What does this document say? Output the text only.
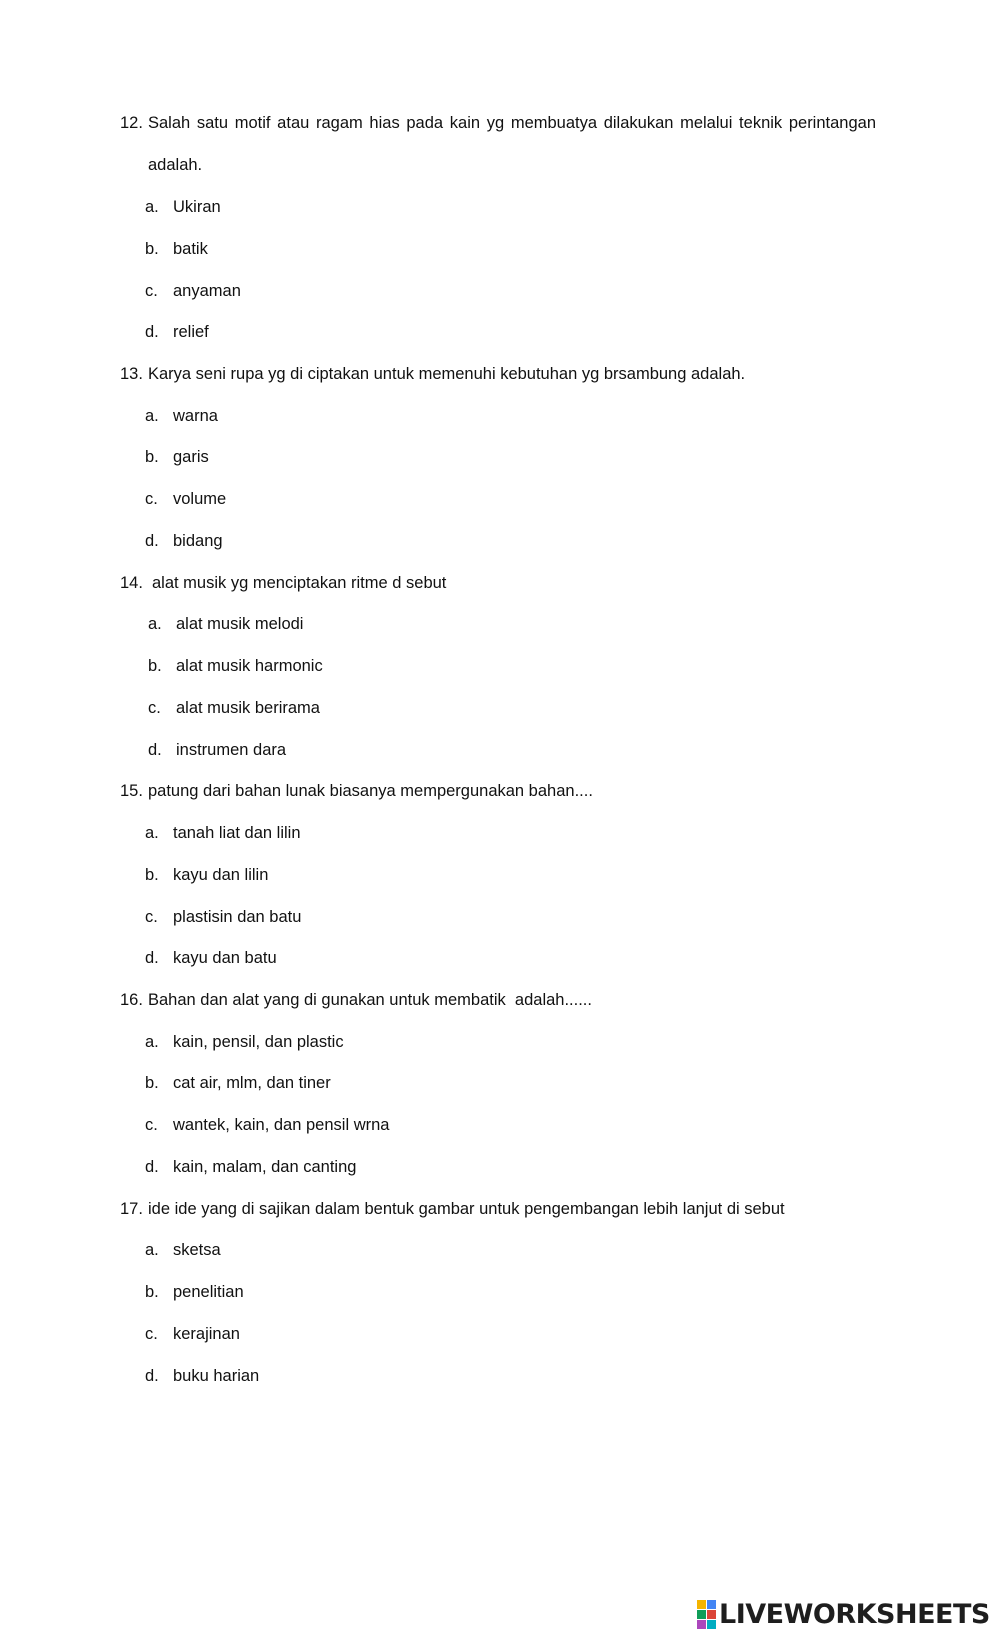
12. Salah satu motif atau ragam hias pada kain yg membuatya dilakukan melalui teknik perintangan
adalah.
a. Ukiran
b. batik
c. anyaman
d. relief
13. Karya seni rupa yg di ciptakan untuk memenuhi kebutuhan yg brsambung adalah.
a. warna
b. garis
c. volume
d. bidang
14. alat musik yg menciptakan ritme d sebut
a. alat musik melodi
b. alat musik harmonic
c. alat musik berirama
d. instrumen dara
15. patung dari bahan lunak biasanya mempergunakan bahan....
a. tanah liat dan lilin
b. kayu dan lilin
c. plastisin dan batu
d. kayu dan batu
16. Bahan dan alat yang di gunakan untuk membatik  adalah......
a. kain, pensil, dan plastic
b. cat air, mlm, dan tiner
c. wantek, kain, dan pensil wrna
d. kain, malam, dan canting
17. ide ide yang di sajikan dalam bentuk gambar untuk pengembangan lebih lanjut di sebut
a. sketsa
b. penelitian
c. kerajinan
d. buku harian
LIVEWORKSHEETS
